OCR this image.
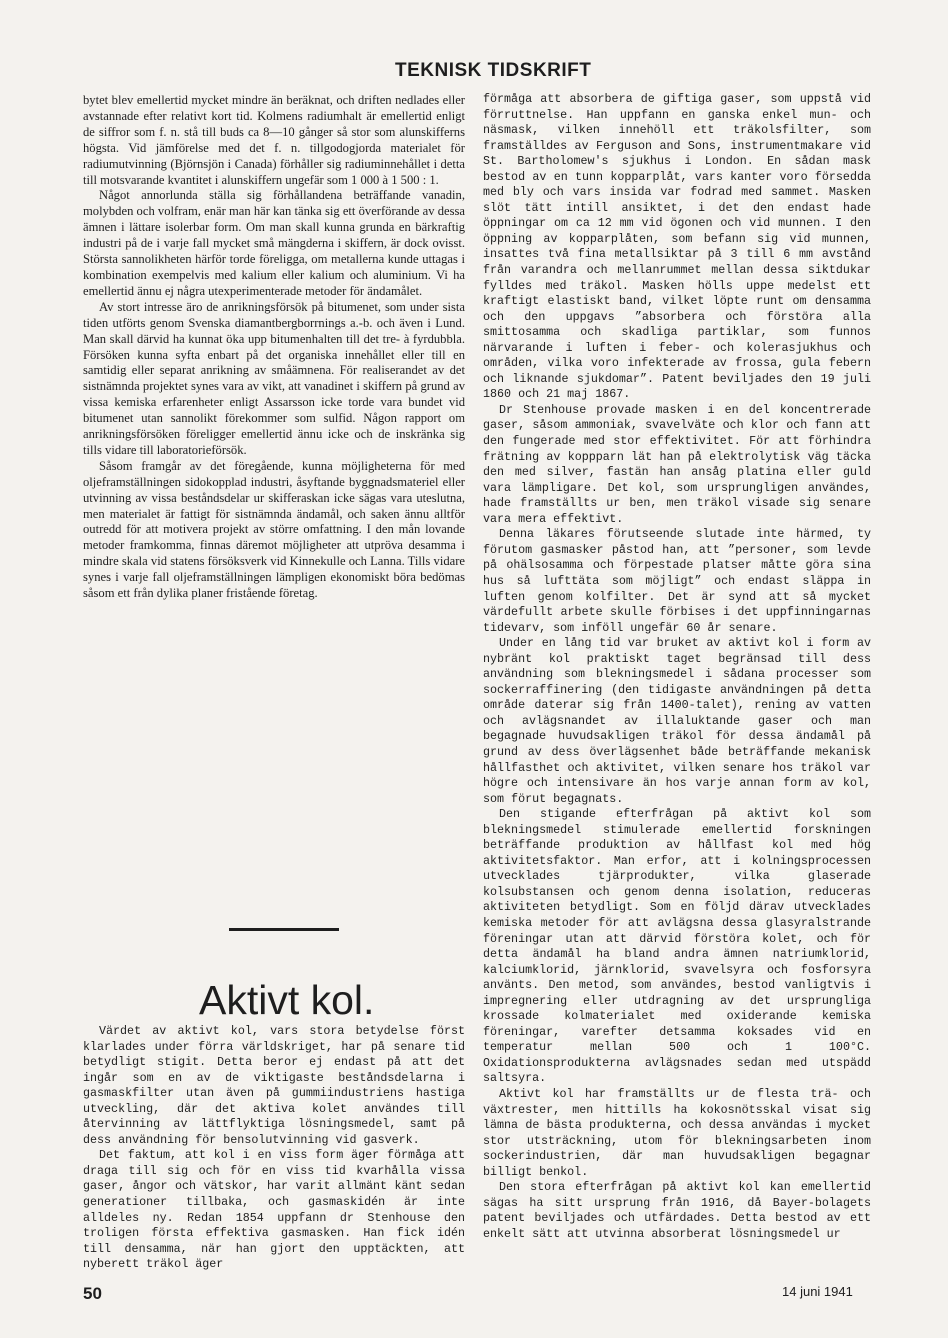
TEKNISK TIDSKRIFT

bytet blev emellertid mycket mindre än beräknat, och driften nedlades eller avstannade efter relativt kort tid. Kolmens radiumhalt är emellertid enligt de siffror som f. n. stå till buds ca 8—10 gånger så stor som alunskifferns högsta. Vid jämförelse med det f. n. tillgodogjorda materialet för radiumutvinning (Björnsjön i Canada) förhåller sig radiuminnehållet i detta till motsvarande kvantitet i alunskiffern ungefär som 1 000 à 1 500 : 1.

Något annorlunda ställa sig förhållandena beträffande vanadin, molybden och volfram, enär man här kan tänka sig ett överförande av dessa ämnen i lättare isolerbar form. Om man skall kunna grunda en bärkraftig industri på de i varje fall mycket små mängderna i skiffern, är dock ovisst. Största sannolikheten härför torde föreligga, om metallerna kunde uttagas i kombination exempelvis med kalium eller kalium och aluminium. Vi ha emellertid ännu ej några utexperimenterade metoder för ändamålet.

Av stort intresse äro de anrikningsförsök på bitumenet, som under sista tiden utförts genom Svenska diamantbergborrnings a.-b. och även i Lund. Man skall därvid ha kunnat öka upp bitumenhalten till det tre- à fyrdubbla. Försöken kunna syfta enbart på det organiska innehållet eller till en samtidig eller separat anrikning av småämnena. För realiserandet av det sistnämnda projektet synes vara av vikt, att vanadinet i skiffern på grund av vissa kemiska erfarenheter enligt Assarsson icke torde vara bundet vid bitumenet utan sannolikt förekommer som sulfid. Någon rapport om anrikningsförsöken föreligger emellertid ännu icke och de inskränka sig tills vidare till laboratorieförsök.

Såsom framgår av det föregående, kunna möjligheterna för med oljeframställningen sidokopplad industri, åsyftande byggnadsmateriel eller utvinning av vissa beståndsdelar ur skifferaskan icke sägas vara uteslutna, men materialet är fattigt för sistnämnda ändamål, och saken ännu alltför outredd för att motivera projekt av större omfattning. I den mån lovande metoder framkomma, finnas däremot möjligheter att utpröva desamma i mindre skala vid statens försöksverk vid Kinnekulle och Lanna. Tills vidare synes i varje fall oljeframställningen lämpligen ekonomiskt böra bedömas såsom ett från dylika planer fristående företag.

Aktivt kol.

Värdet av aktivt kol, vars stora betydelse först klarlades under förra världskriget, har på senare tid betydligt stigit. Detta beror ej endast på att det ingår som en av de viktigaste beståndsdelarna i gasmaskfilter utan även på gummiindustriens hastiga utveckling, där det aktiva kolet användes till återvinning av lättflyktiga lösningsmedel, samt på dess användning för bensolutvinning vid gasverk.

Det faktum, att kol i en viss form äger förmåga att draga till sig och för en viss tid kvarhålla vissa gaser, ångor och vätskor, har varit allmänt känt sedan generationer tillbaka, och gasmaskidén är inte alldeles ny. Redan 1854 uppfann dr Stenhouse den troligen första effektiva gasmasken. Han fick idén till densamma, när han gjort den upptäckten, att nyberett träkol äger

förmåga att absorbera de giftiga gaser, som uppstå vid förruttnelse. Han uppfann en ganska enkel mun- och näsmask, vilken innehöll ett träkolsfilter, som framställdes av Ferguson and Sons, instrumentmakare vid St. Bartholomew's sjukhus i London. En sådan mask bestod av en tunn kopparplåt, vars kanter voro försedda med bly och vars insida var fodrad med sammet. Masken slöt tätt intill ansiktet, i det den endast hade öppningar om ca 12 mm vid ögonen och vid munnen. I den öppning av kopparplåten, som befann sig vid munnen, insattes två fina metallsiktar på 3 till 6 mm avstånd från varandra och mellanrummet mellan dessa siktdukar fylldes med träkol. Masken hölls uppe medelst ett kraftigt elastiskt band, vilket löpte runt om densamma och den uppgavs ”absorbera och förstöra alla smittosamma och skadliga partiklar, som funnos närvarande i luften i feber- och kolerasjukhus och områden, vilka voro infekterade av frossa, gula febern och liknande sjukdomar”. Patent beviljades den 19 juli 1860 och 21 maj 1867.

Dr Stenhouse provade masken i en del koncentrerade gaser, såsom ammoniak, svavelväte och klor och fann att den fungerade med stor effektivitet. För att förhindra frätning av koppparn lät han på elektrolytisk väg täcka den med silver, fastän han ansåg platina eller guld vara lämpligare. Det kol, som ursprungligen användes, hade framställts ur ben, men träkol visade sig senare vara mera effektivt.

Denna läkares förutseende slutade inte härmed, ty förutom gasmasker påstod han, att ”personer, som levde på ohälsosamma och förpestade platser måtte göra sina hus så lufttäta som möjligt” och endast släppa in luften genom kolfilter. Det är synd att så mycket värdefullt arbete skulle förbises i det uppfinningarnas tidevarv, som inföll ungefär 60 år senare.

Under en lång tid var bruket av aktivt kol i form av nybränt kol praktiskt taget begränsad till dess användning som blekningsmedel i sådana processer som sockerraffinering (den tidigaste användningen på detta område daterar sig från 1400-talet), rening av vatten och avlägsnandet av illaluktande gaser och man begagnade huvudsakligen träkol för dessa ändamål på grund av dess överlägsenhet både beträffande mekanisk hållfasthet och aktivitet, vilken senare hos träkol var högre och intensivare än hos varje annan form av kol, som förut begagnats.

Den stigande efterfrågan på aktivt kol som blekningsmedel stimulerade emellertid forskningen beträffande produktion av hållfast kol med hög aktivitetsfaktor. Man erfor, att i kolningsprocessen utvecklades tjärprodukter, vilka glaserade kolsubstansen och genom denna isolation, reduceras aktiviteten betydligt. Som en följd därav utvecklades kemiska metoder för att avlägsna dessa glasyralstrande föreningar utan att därvid förstöra kolet, och för detta ändamål ha bland andra ämnen natriumklorid, kalciumklorid, järnklorid, svavelsyra och fosforsyra använts. Den metod, som användes, bestod vanligtvis i impregnering eller utdragning av det ursprungliga krossade kolmaterialet med oxiderande kemiska föreningar, varefter detsamma koksades vid en temperatur mellan 500 och 1 100°C. Oxidationsprodukterna avlägsnades sedan med utspädd saltsyra.

Aktivt kol har framställts ur de flesta trä- och växtrester, men hittills ha kokosnötsskal visat sig lämna de bästa produkterna, och dessa användas i mycket stor utsträckning, utom för blekningsarbeten inom sockerindustrien, där man huvudsakligen begagnar billigt benkol.

Den stora efterfrågan på aktivt kol kan emellertid sägas ha sitt ursprung från 1916, då Bayer-bolagets patent beviljades och utfärdades. Detta bestod av ett enkelt sätt att utvinna absorberat lösningsmedel ur

50	14 juni 1941
